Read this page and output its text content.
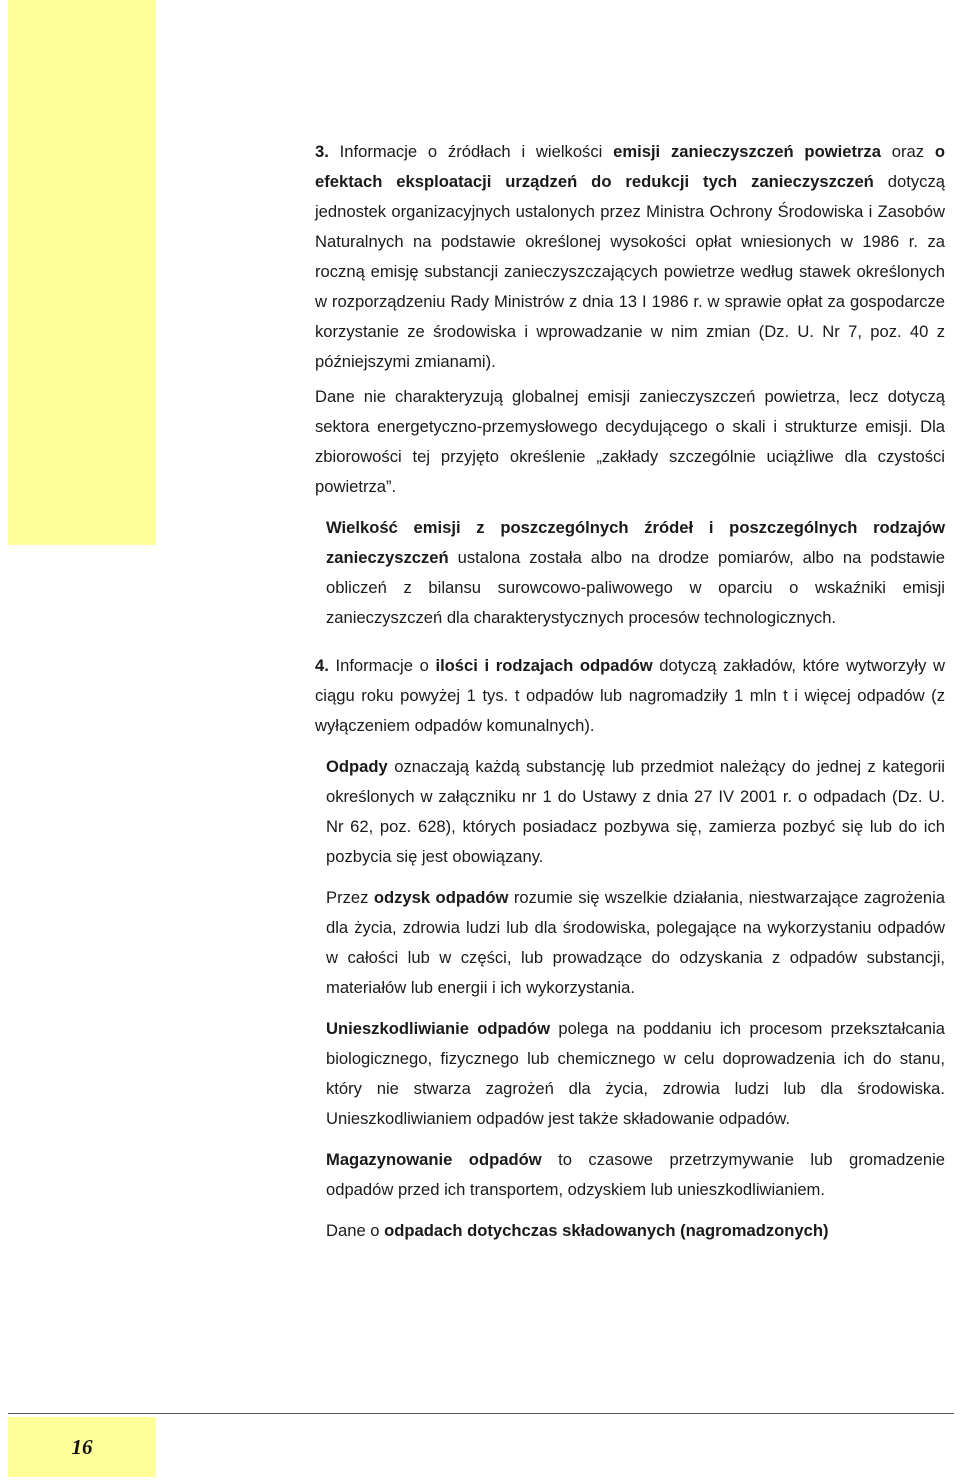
3. Informacje o źródłach i wielkości emisji zanieczyszczeń powietrza oraz o efektach eksploatacji urządzeń do redukcji tych zanieczyszczeń dotyczą jednostek organizacyjnych ustalonych przez Ministra Ochrony Środowiska i Zasobów Naturalnych na podstawie określonej wysokości opłat wniesionych w 1986 r. za roczną emisję substancji zanieczyszczających powietrze według stawek określonych w rozporządzeniu Rady Ministrów z dnia 13 I 1986 r. w sprawie opłat za gospodarcze korzystanie ze środowiska i wprowadzanie w nim zmian (Dz. U. Nr 7, poz. 40 z późniejszymi zmianami).

Dane nie charakteryzują globalnej emisji zanieczyszczeń powietrza, lecz dotyczą sektora energetyczno-przemysłowego decydującego o skali i strukturze emisji. Dla zbiorowości tej przyjęto określenie „zakłady szczególnie uciążliwe dla czystości powietrza”.

Wielkość emisji z poszczególnych źródeł i poszczególnych rodzajów zanieczyszczeń ustalona została albo na drodze pomiarów, albo na podstawie obliczeń z bilansu surowcowo-paliwowego w oparciu o wskaźniki emisji zanieczyszczeń dla charakterystycznych procesów technologicznych.

4. Informacje o ilości i rodzajach odpadów dotyczą zakładów, które wytworzyły w ciągu roku powyżej 1 tys. t odpadów lub nagromadziły 1 mln t i więcej odpadów (z wyłączeniem odpadów komunalnych).

Odpady oznaczają każdą substancję lub przedmiot należący do jednej z kategorii określonych w załączniku nr 1 do Ustawy z dnia 27 IV 2001 r. o odpadach (Dz. U. Nr 62, poz. 628), których posiadacz pozbywa się, zamierza pozbyć się lub do ich pozbycia się jest obowiązany.

Przez odzysk odpadów rozumie się wszelkie działania, niestwarzające zagrożenia dla życia, zdrowia ludzi lub dla środowiska, polegające na wykorzystaniu odpadów w całości lub w części, lub prowadzące do odzyskania z odpadów substancji, materiałów lub energii i ich wykorzystania.

Unieszkodliwianie odpadów polega na poddaniu ich procesom przekształcania biologicznego, fizycznego lub chemicznego w celu doprowadzenia ich do stanu, który nie stwarza zagrożeń dla życia, zdrowia ludzi lub dla środowiska. Unieszkodliwianiem odpadów jest także składowanie odpadów.

Magazynowanie odpadów to czasowe przetrzymywanie lub gromadzenie odpadów przed ich transportem, odzyskiem lub unieszkodliwianiem.

Dane o odpadach dotychczas składowanych (nagromadzonych)

16
